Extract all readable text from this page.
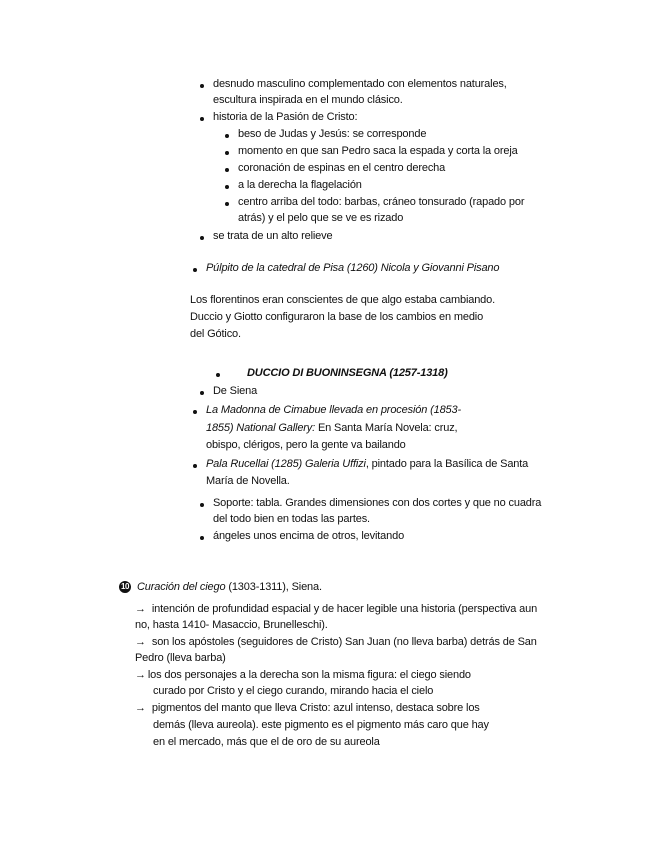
desnudo masculino complementado con elementos naturales,
escultura inspirada en el mundo clásico.
historia de la Pasión de Cristo:
beso de Judas y Jesús: se corresponde
momento en que san Pedro saca la espada y corta la oreja
coronación de espinas en el centro derecha
a la derecha la flagelación
centro arriba del todo: barbas, cráneo tonsurado (rapado por
atrás) y el pelo que se ve es rizado
se trata de un alto relieve
Púlpito de la catedral de Pisa (1260) Nicola y Giovanni Pisano
Los florentinos eran conscientes de que algo estaba cambiando.
Duccio y Giotto configuraron la base de los cambios en medio
del Gótico.
DUCCIO DI BUONINSEGNA (1257-1318)
De Siena
La Madonna de Cimabue llevada en procesión (1853-
1855) National Gallery: En Santa María Novela: cruz,
obispo, clérigos, pero la gente va bailando
Pala Rucellai (1285) Galeria Uffizi, pintado para la Basílica de Santa
María de Novella.
Soporte: tabla. Grandes dimensiones con dos cortes y que no cuadra
del todo bien en todas las partes.
ángeles unos encima de otros, levitando
10 Curación del ciego (1303-1311), Siena.
→ intención de profundidad espacial y de hacer legible una historia (perspectiva aun
no, hasta 1410- Masaccio, Brunelleschi).
→ son los apóstoles (seguidores de Cristo) San Juan (no lleva barba) detrás de San
Pedro (lleva barba)
→ los dos personajes a la derecha son la misma figura: el ciego siendo
curado por Cristo y el ciego curando, mirando hacia el cielo
→ pigmentos del manto que lleva Cristo: azul intenso, destaca sobre los
demás (lleva aureola). este pigmento es el pigmento más caro que hay
en el mercado, más que el de oro de su aureola
